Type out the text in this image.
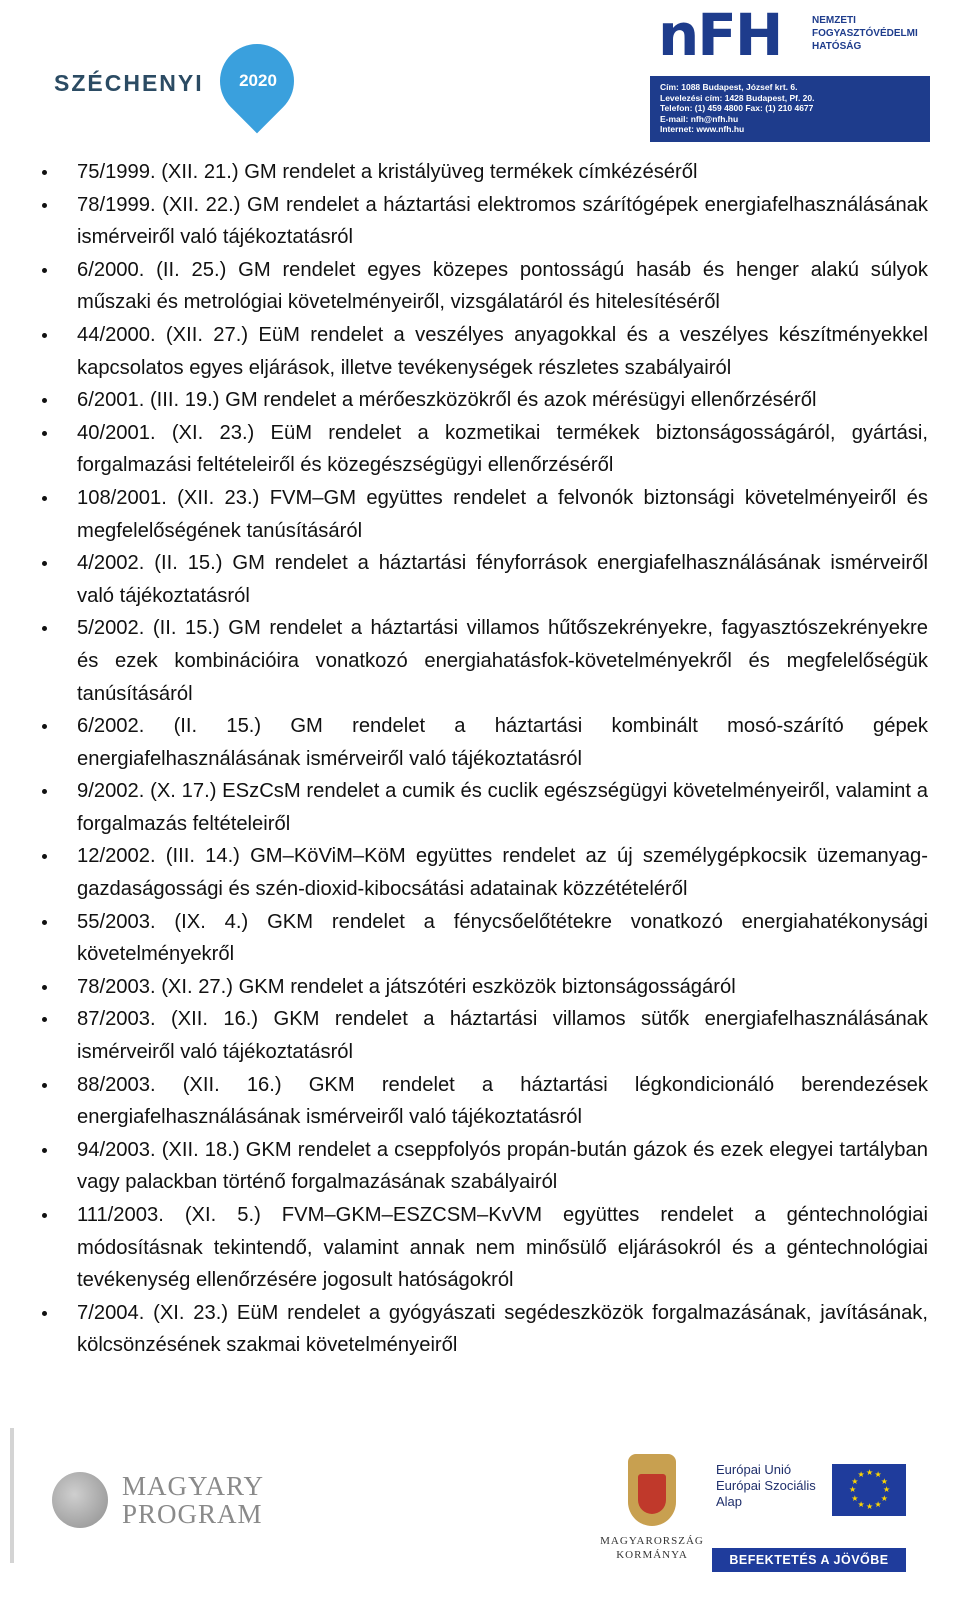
2020
SZÉCHENYI
nFH	NEMZETI
FOGYASZTÓVÉDELMI
HATÓSÁG
Cím: 1088 Budapest, József krt. 6.
Levelezési cím: 1428 Budapest, Pf. 20.
Telefon: (1) 459 4800 Fax: (1) 210 4677
E-mail: nfh@nfh.hu
Internet: www.nfh.hu
75/1999. (XII. 21.) GM rendelet a kristályüveg termékek címkézéséről
78/1999. (XII. 22.) GM rendelet a háztartási elektromos szárítógépek energiafelhasználásának ismérveiről való tájékoztatásról
6/2000. (II. 25.) GM rendelet egyes közepes pontosságú hasáb és henger alakú súlyok műszaki és metrológiai követelményeiről, vizsgálatáról és hitelesítéséről
44/2000. (XII. 27.) EüM rendelet a veszélyes anyagokkal és a veszélyes készítményekkel kapcsolatos egyes eljárások, illetve tevékenységek részletes szabályairól
6/2001. (III. 19.) GM rendelet a mérőeszközökről és azok mérésügyi ellenőrzéséről
40/2001. (XI. 23.) EüM rendelet a kozmetikai termékek biztonságosságáról, gyártási, forgalmazási feltételeiről és közegészségügyi ellenőrzéséről
108/2001. (XII. 23.) FVM–GM együttes rendelet a felvonók biztonsági követelményeiről és megfelelőségének tanúsításáról
4/2002. (II. 15.) GM rendelet a háztartási fényforrások energiafelhasználásának ismérveiről való tájékoztatásról
5/2002. (II. 15.) GM rendelet a háztartási villamos hűtőszekrényekre, fagyasztószekrényekre és ezek kombinációira vonatkozó energiahatásfok-követelményekről és megfelelőségük tanúsításáról
6/2002. (II. 15.) GM rendelet a háztartási kombinált mosó-szárító gépek energiafelhasználásának ismérveiről való tájékoztatásról
9/2002. (X. 17.) ESzCsM rendelet a cumik és cuclik egészségügyi követelményeiről, valamint a forgalmazás feltételeiről
12/2002. (III. 14.) GM–KöViM–KöM együttes rendelet az új személygépkocsik üzemanyag-gazdaságossági és szén-dioxid-kibocsátási adatainak közzétételéről
55/2003. (IX. 4.) GKM rendelet a fénycsőelőtétekre vonatkozó energiahatékonysági követelményekről
78/2003. (XI. 27.) GKM rendelet a játszótéri eszközök biztonságosságáról
87/2003. (XII. 16.) GKM rendelet a háztartási villamos sütők energiafelhasználásának ismérveiről való tájékoztatásról
88/2003. (XII. 16.) GKM rendelet a háztartási légkondicionáló berendezések energiafelhasználásának ismérveiről való tájékoztatásról
94/2003. (XII. 18.) GKM rendelet a cseppfolyós propán-bután gázok és ezek elegyei tartályban vagy palackban történő forgalmazásának szabályairól
111/2003. (XI. 5.) FVM–GKM–ESZCSM–KvVM együttes rendelet a géntechnológiai módosításnak tekintendő, valamint annak nem minősülő eljárásokról és a géntechnológiai tevékenység ellenőrzésére jogosult hatóságokról
7/2004. (XI. 23.) EüM rendelet a gyógyászati segédeszközök forgalmazásának, javításának, kölcsönzésének szakmai követelményeiről
MAGYARY
PROGRAM
MAGYARORSZÁG
KORMÁNYA
Európai Unió
Európai Szociális
Alap
★ ★
★
★
★
★
★
★
★
★
★
★
BEFEKTETÉS A JÖVŐBE
